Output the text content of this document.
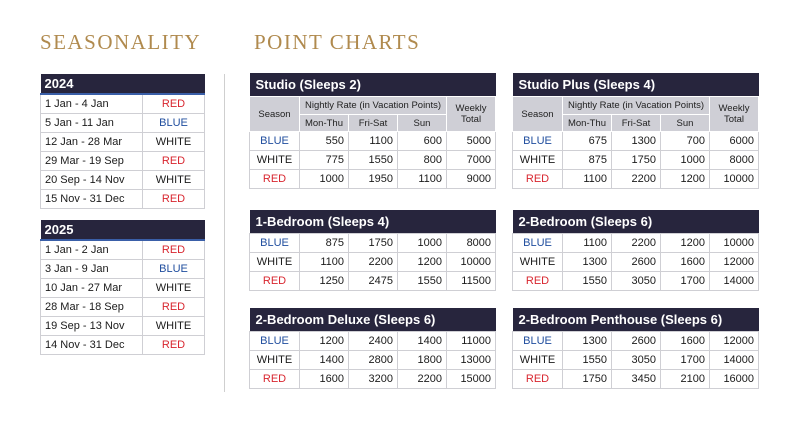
SEASONALITY	POINT CHARTS
2024	
1 Jan - 4 Jan	RED
5 Jan - 11 Jan	BLUE
12 Jan - 28 Mar	WHITE
29 Mar - 19 Sep	RED
20 Sep - 14 Nov	WHITE
15 Nov - 31 Dec	RED
2025	
1 Jan - 2 Jan	RED
3 Jan - 9 Jan	BLUE
10 Jan - 27 Mar	WHITE
28 Mar - 18 Sep	RED
19 Sep - 13 Nov	WHITE
14 Nov - 31 Dec	RED
Studio (Sleeps 2)				
Season	Nightly Rate (in Vacation Points)			Weekly Total
	Mon-Thu	Fri-Sat	Sun	
BLUE	550	1100	600	5000
WHITE	775	1550	800	7000
RED	1000	1950	1100	9000
Studio Plus (Sleeps 4)				
Season	Nightly Rate (in Vacation Points)			Weekly Total
	Mon-Thu	Fri-Sat	Sun	
BLUE	675	1300	700	6000
WHITE	875	1750	1000	8000
RED	1100	2200	1200	10000
1-Bedroom (Sleeps 4)				
BLUE	875	1750	1000	8000
WHITE	1100	2200	1200	10000
RED	1250	2475	1550	11500
2-Bedroom (Sleeps 6)				
BLUE	1100	2200	1200	10000
WHITE	1300	2600	1600	12000
RED	1550	3050	1700	14000
2-Bedroom Deluxe (Sleeps 6)				
BLUE	1200	2400	1400	11000
WHITE	1400	2800	1800	13000
RED	1600	3200	2200	15000
2-Bedroom Penthouse (Sleeps 6)				
BLUE	1300	2600	1600	12000
WHITE	1550	3050	1700	14000
RED	1750	3450	2100	16000
